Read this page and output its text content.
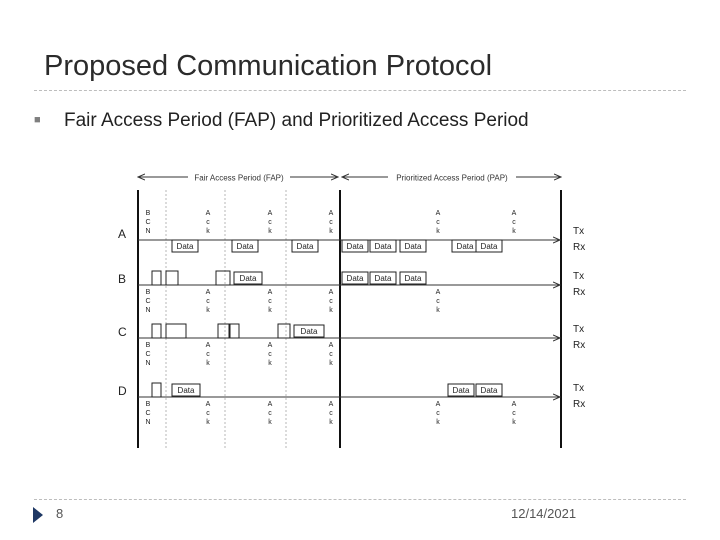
Proposed Communication Protocol
■ Fair Access Period (FAP) and Prioritized Access Period
Fair Access Period (FAP)	Prioritized Access Period (PAP)
A	Tx
Rx
B	Tx
Rx
C	Tx
Rx
D	Tx
Rx
B
C
N
A
c
k
A
c
k
A
c
k
A
c
k
A
c
k
Data	Data	Data	Data Data Data	Data Data
Data	Data Data Data
B
C
N
A
c
k
A
c
k
A
c
k
A
c
k
Data
B
C
N
A
c
k
A
c
k
A
c
k
Data	Data Data
B
C
N
A
c
k
A
c
k
A
c
k
A
c
k
A
c
k
8	12/14/2021
